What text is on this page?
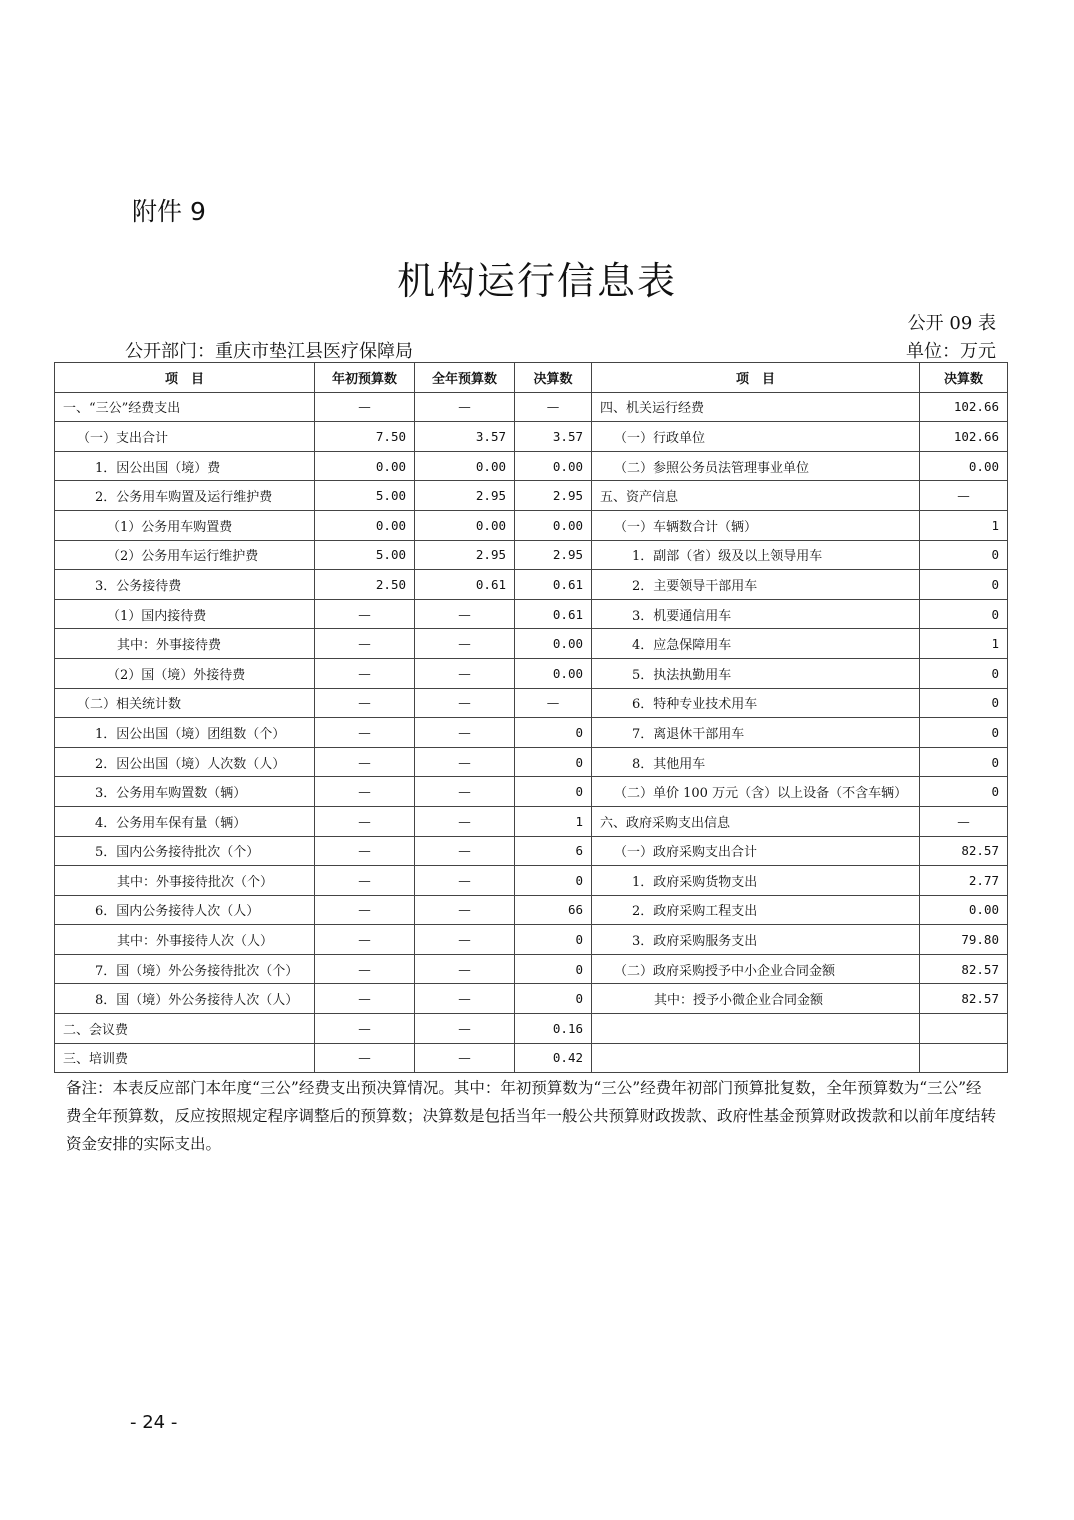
附件 9
机构运行信息表
公开 09 表
公开部门：重庆市垫江县医疗保障局	单位：万元
项　目	年初预算数	全年预算数	决算数	项　目	决算数
一、“三公”经费支出	—	—	—	四、机关运行经费	102.66
（一）支出合计	7.50	3.57	3.57	（一）行政单位	102.66
1．因公出国（境）费	0.00	0.00	0.00	（二）参照公务员法管理事业单位	0.00
2．公务用车购置及运行维护费	5.00	2.95	2.95	五、资产信息	—
（1）公务用车购置费	0.00	0.00	0.00	（一）车辆数合计（辆）	1
（2）公务用车运行维护费	5.00	2.95	2.95	1．副部（省）级及以上领导用车	0
3．公务接待费	2.50	0.61	0.61	2．主要领导干部用车	0
（1）国内接待费	—	—	0.61	3．机要通信用车	0
其中：外事接待费	—	—	0.00	4．应急保障用车	1
（2）国（境）外接待费	—	—	0.00	5．执法执勤用车	0
（二）相关统计数	—	—	—	6．特种专业技术用车	0
1．因公出国（境）团组数（个）	—	—	0	7．离退休干部用车	0
2．因公出国（境）人次数（人）	—	—	0	8．其他用车	0
3．公务用车购置数（辆）	—	—	0	（二）单价 100 万元（含）以上设备（不含车辆）	0
4．公务用车保有量（辆）	—	—	1	六、政府采购支出信息	—
5．国内公务接待批次（个）	—	—	6	（一）政府采购支出合计	82.57
其中：外事接待批次（个）	—	—	0	1．政府采购货物支出	2.77
6．国内公务接待人次（人）	—	—	66	2．政府采购工程支出	0.00
其中：外事接待人次（人）	—	—	0	3．政府采购服务支出	79.80
7．国（境）外公务接待批次（个）	—	—	0	（二）政府采购授予中小企业合同金额	82.57
8．国（境）外公务接待人次（人）	—	—	0	其中：授予小微企业合同金额	82.57
二、会议费	—	—	0.16		
三、培训费	—	—	0.42		
备注：本表反应部门本年度“三公”经费支出预决算情况。其中：年初预算数为“三公”经费年初部门预算批复数，全年预算数为“三公”经费全年预算数，反应按照规定程序调整后的预算数；决算数是包括当年一般公共预算财政拨款、政府性基金预算财政拨款和以前年度结转资金安排的实际支出。
- 24 -
